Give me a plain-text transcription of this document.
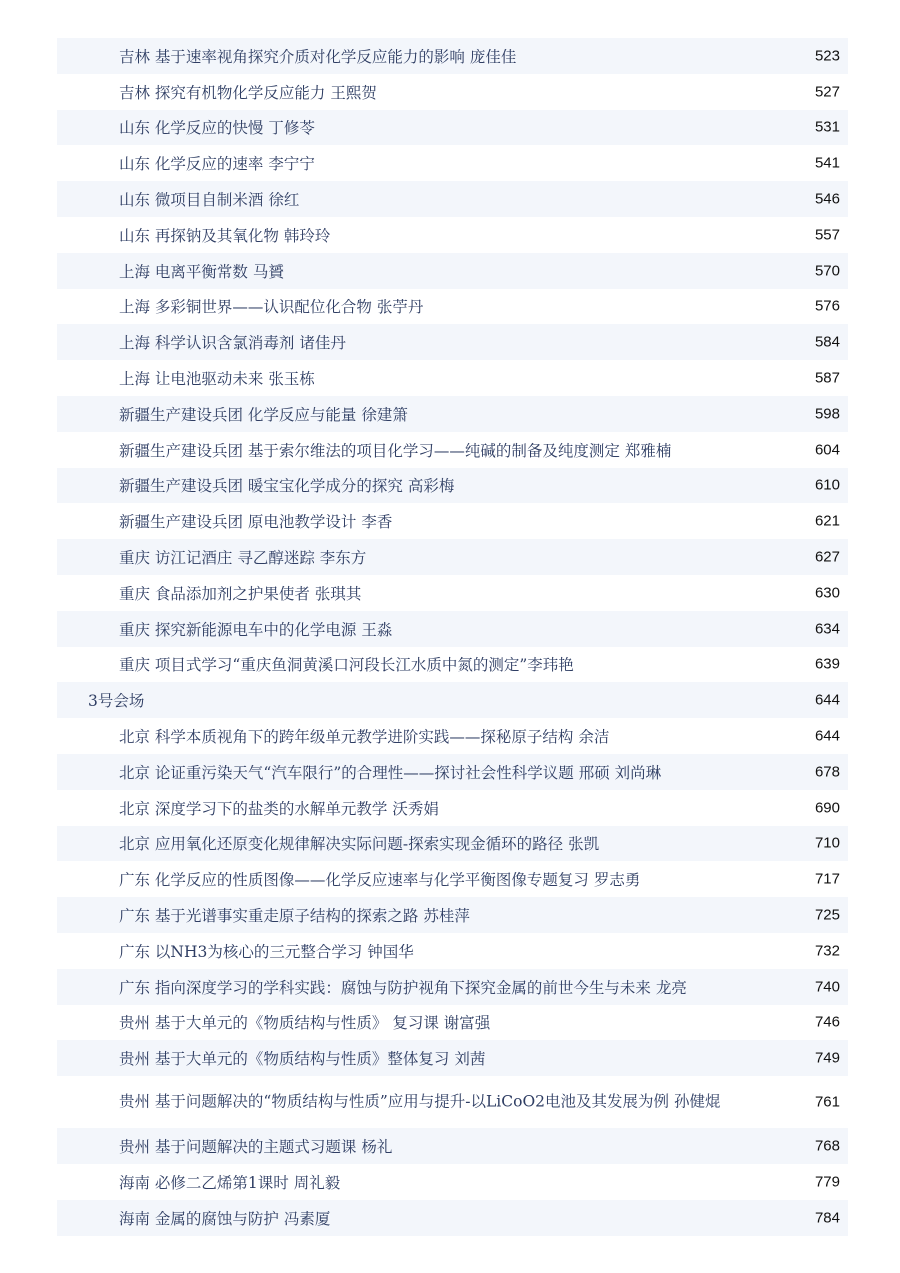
吉林 基于速率视角探究介质对化学反应能力的影响 庞佳佳	523
吉林 探究有机物化学反应能力 王熙贺	527
山东 化学反应的快慢 丁修苓	531
山东 化学反应的速率 李宁宁	541
山东 微项目自制米酒 徐红	546
山东 再探钠及其氧化物 韩玲玲	557
上海 电离平衡常数 马贇	570
上海 多彩铜世界——认识配位化合物 张苧丹	576
上海 科学认识含氯消毒剂 诸佳丹	584
上海 让电池驱动未来 张玉栋	587
新疆生产建设兵团 化学反应与能量 徐建箫	598
新疆生产建设兵团 基于索尔维法的项目化学习——纯碱的制备及纯度测定 郑雅楠	604
新疆生产建设兵团 暖宝宝化学成分的探究 高彩梅	610
新疆生产建设兵团 原电池教学设计 李香	621
重庆 访江记酒庄 寻乙醇迷踪 李东方	627
重庆 食品添加剂之护果使者 张琪其	630
重庆 探究新能源电车中的化学电源 王淼	634
重庆 项目式学习“重庆鱼洞黄溪口河段长江水质中氮的测定”李玮艳	639
3号会场	644
北京 科学本质视角下的跨年级单元教学进阶实践——探秘原子结构 余洁	644
北京 论证重污染天气“汽车限行”的合理性——探讨社会性科学议题 邢硕 刘尚琳	678
北京 深度学习下的盐类的水解单元教学 沃秀娟	690
北京 应用氧化还原变化规律解决实际问题-探索实现金循环的路径 张凯	710
广东 化学反应的性质图像——化学反应速率与化学平衡图像专题复习 罗志勇	717
广东 基于光谱事实重走原子结构的探索之路 苏桂萍	725
广东 以NH3为核心的三元整合学习 钟国华	732
广东 指向深度学习的学科实践：腐蚀与防护视角下探究金属的前世今生与未来 龙亮	740
贵州 基于大单元的《物质结构与性质》 复习课 谢富强	746
贵州 基于大单元的《物质结构与性质》整体复习 刘茜	749
贵州 基于问题解决的“物质结构与性质”应用与提升-以LiCoO2电池及其发展为例 孙健焜	761
贵州 基于问题解决的主题式习题课 杨礼	768
海南 必修二乙烯第1课时 周礼毅	779
海南 金属的腐蚀与防护 冯素厦	784
